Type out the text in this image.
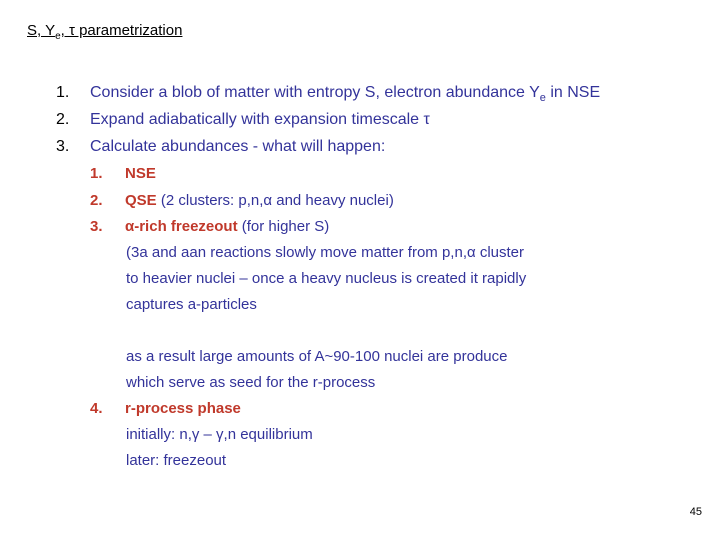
S, $Y_e$, τ parametrization
1. Consider a blob of matter with entropy S, electron abundance $Y_e$ in NSE
2. Expand adiabatically with expansion timescale τ
3. Calculate abundances - what will happen:
1. NSE
2. QSE (2 clusters: p,n,α and heavy nuclei)
3. α-rich freezeout (for higher S)
(3a and aan reactions slowly move matter from p,n,α cluster
to heavier nuclei – once a heavy nucleus is created it rapidly
captures a-particles
as a result large amounts of A~90-100 nuclei are produce
which serve as seed for the r-process
4. r-process phase
initially: n,γ – γ,n equilibrium
later: freezeout
45
